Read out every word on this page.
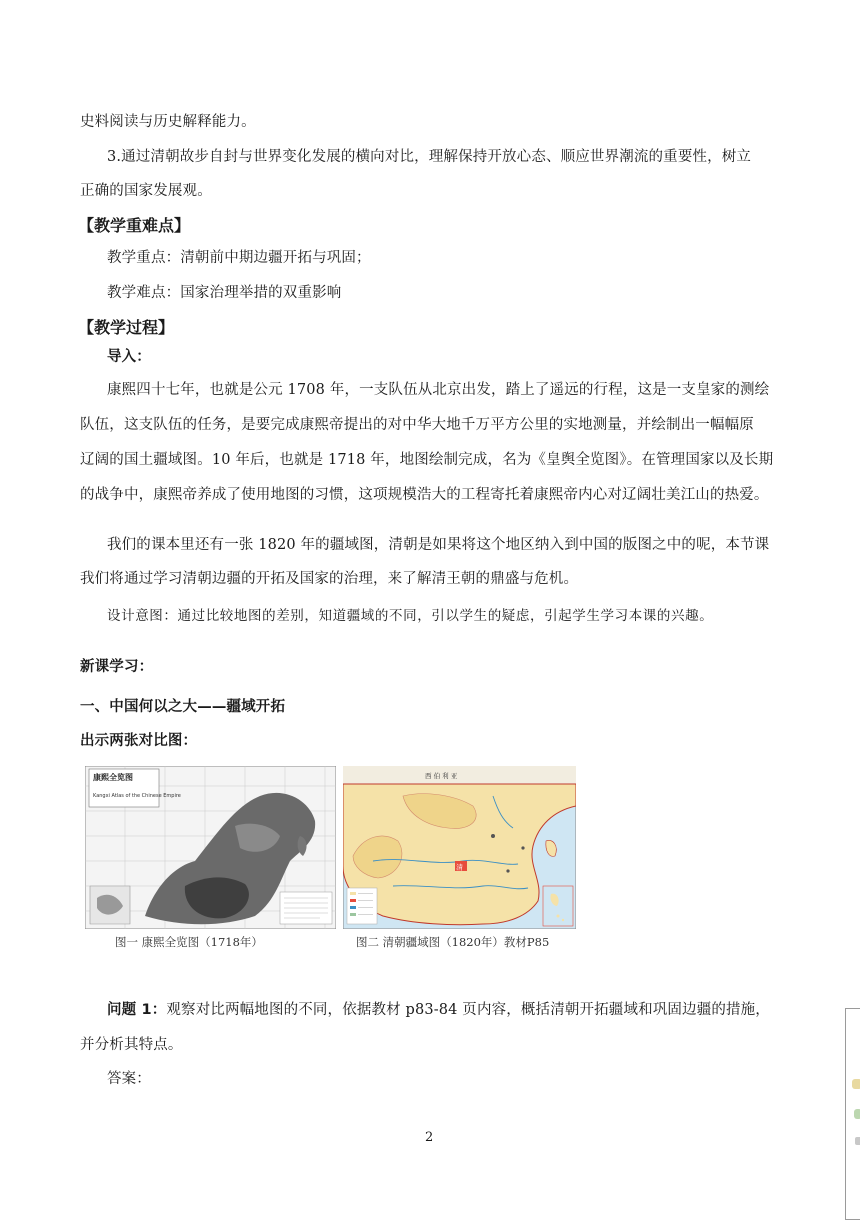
史料阅读与历史解释能力。
3.通过清朝故步自封与世界变化发展的横向对比，理解保持开放心态、顺应世界潮流的重要性，树立
正确的国家发展观。
【教学重难点】
教学重点：清朝前中期边疆开拓与巩固；
教学难点：国家治理举措的双重影响
【教学过程】
导入：
康熙四十七年，也就是公元 1708 年，一支队伍从北京出发，踏上了遥远的行程，这是一支皇家的测绘
队伍，这支队伍的任务，是要完成康熙帝提出的对中华大地千万平方公里的实地测量，并绘制出一幅幅原
辽阔的国土疆域图。10 年后，也就是 1718 年，地图绘制完成，名为《皇舆全览图》。在管理国家以及长期
的战争中，康熙帝养成了使用地图的习惯，这项规模浩大的工程寄托着康熙帝内心对辽阔壮美江山的热爱。
我们的课本里还有一张 1820 年的疆域图，清朝是如果将这个地区纳入到中国的版图之中的呢，本节课
我们将通过学习清朝边疆的开拓及国家的治理，来了解清王朝的鼎盛与危机。
设计意图：通过比较地图的差别，知道疆域的不同，引以学生的疑虑，引起学生学习本课的兴趣。
新课学习：
一、中国何以之大——疆域开拓
出示两张对比图：
康熙全览图
Kangxi Atlas of the Chinese Empire
图一 康熙全览图（1718年）
清
西 伯 利 亚
图二 清朝疆域图（1820年）教材P85
问题 1：观察对比两幅地图的不同，依据教材 p83-84 页内容，概括清朝开拓疆域和巩固边疆的措施，
并分析其特点。
答案：
2
